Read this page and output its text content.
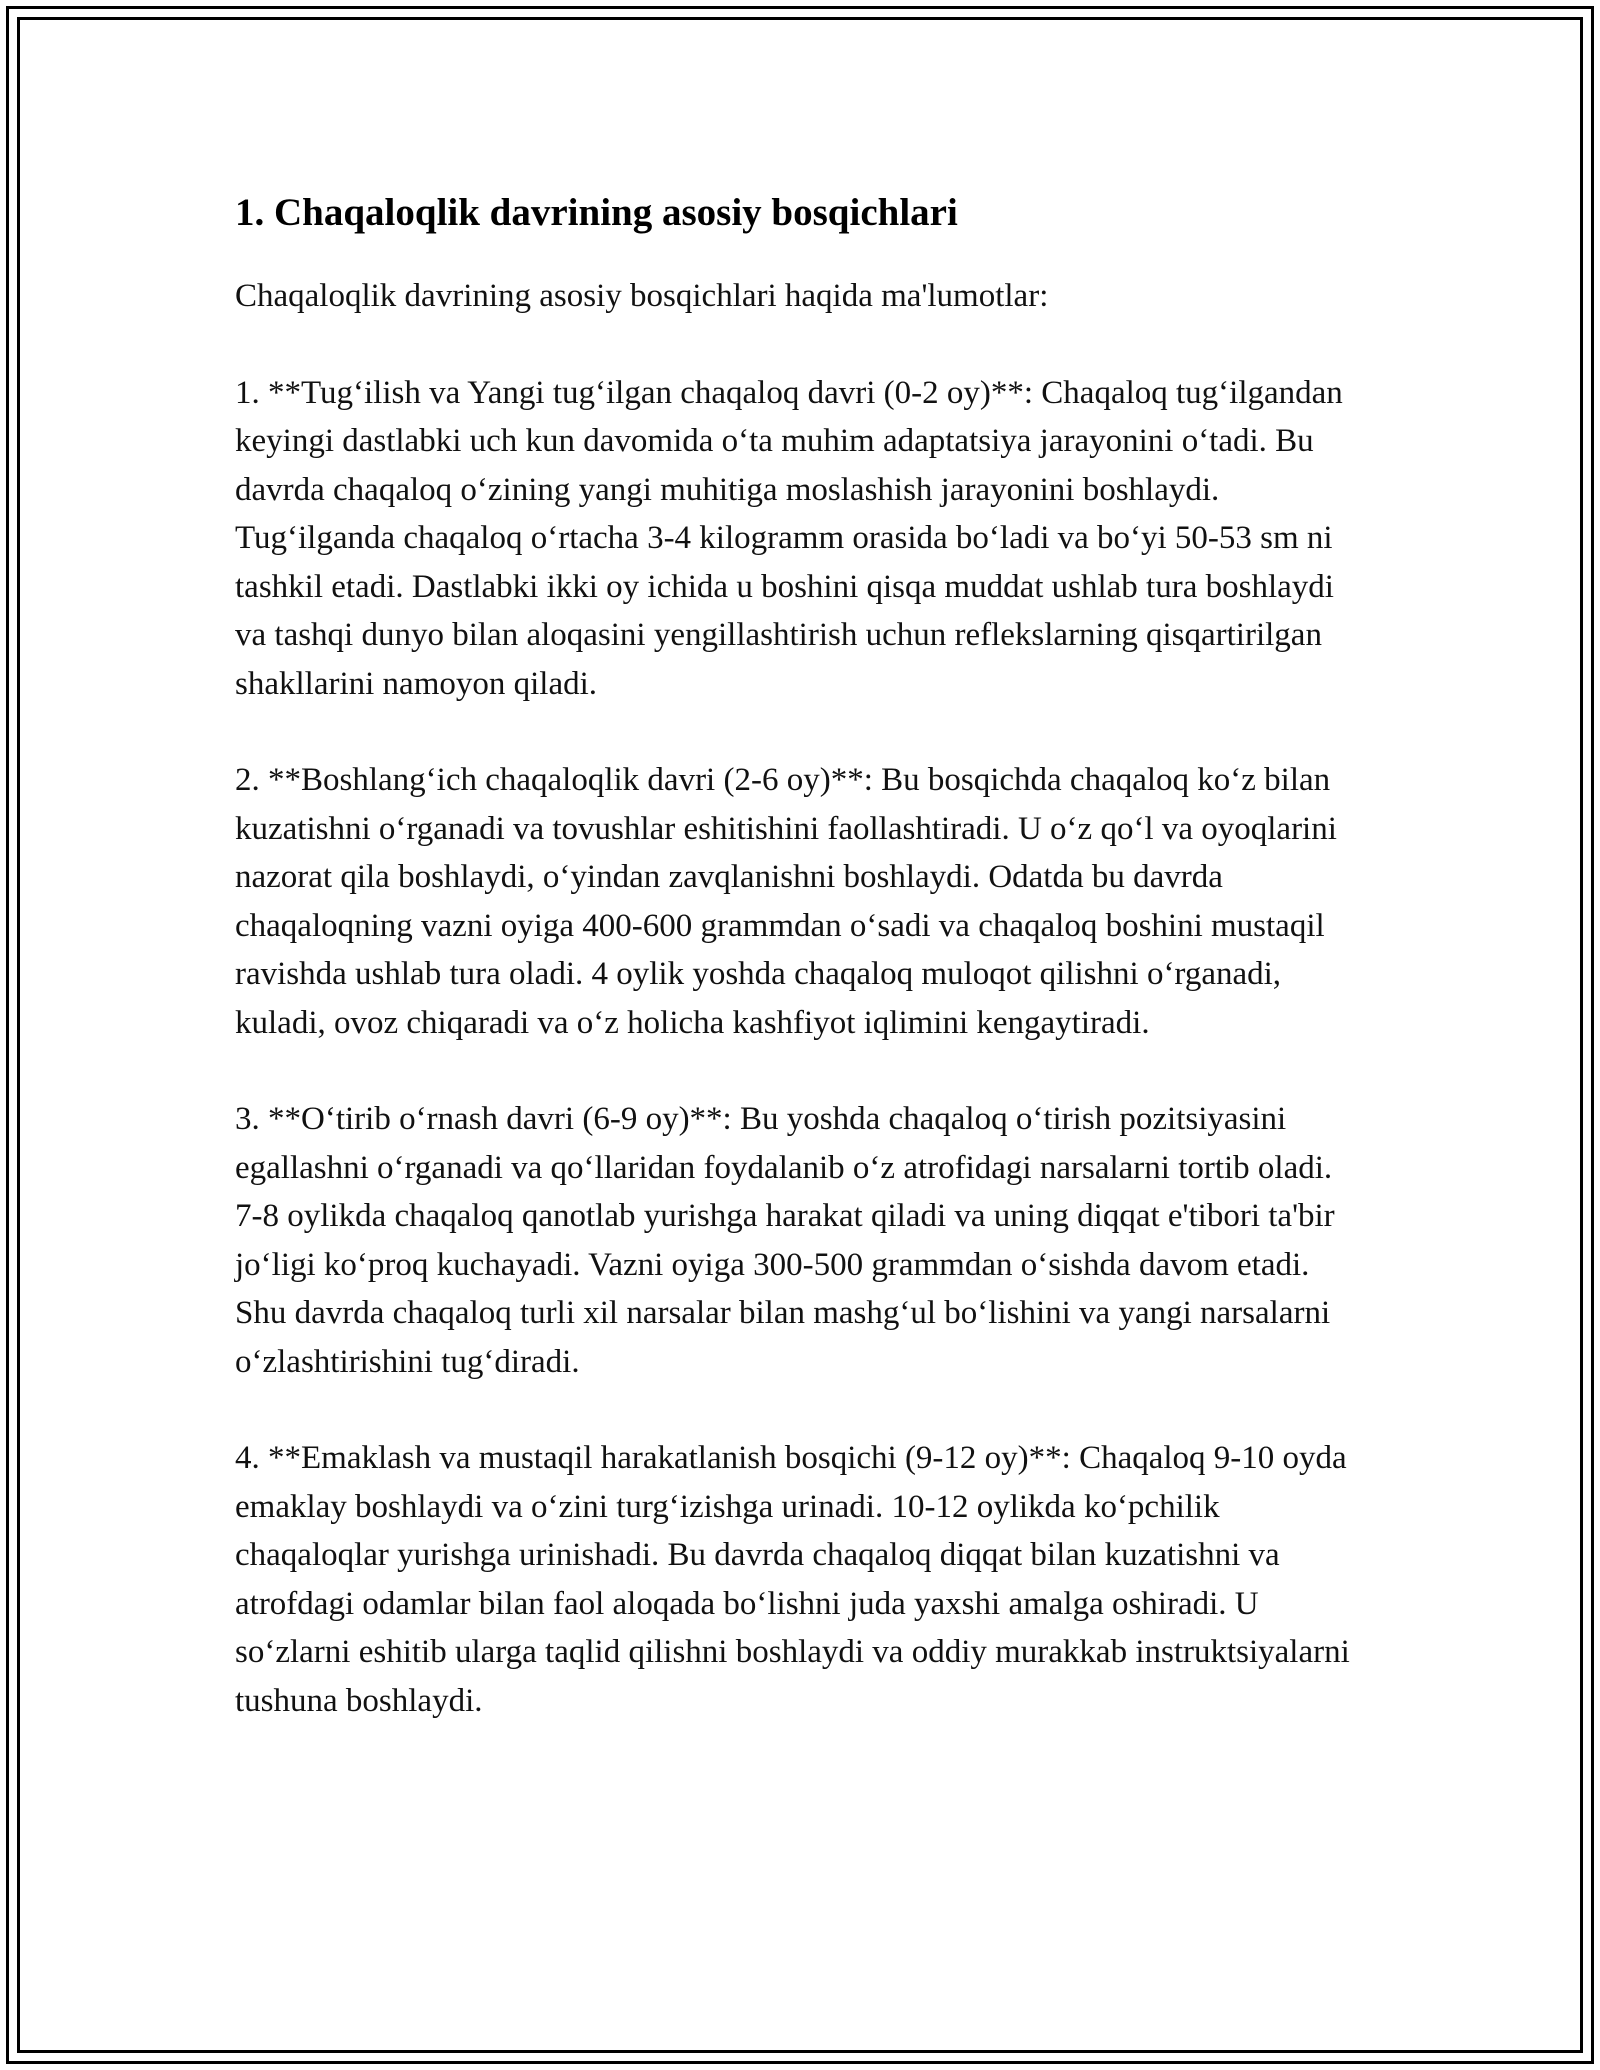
1. Chaqaloqlik davrining asosiy bosqichlari

Chaqaloqlik davrining asosiy bosqichlari haqida ma'lumotlar:

1. **Tug‘ilish va Yangi tug‘ilgan chaqaloq davri (0-2 oy)**: Chaqaloq tug‘ilgandan keyingi dastlabki uch kun davomida o‘ta muhim adaptatsiya jarayonini o‘tadi. Bu davrda chaqaloq o‘zining yangi muhitiga moslashish jarayonini boshlaydi. Tug‘ilganda chaqaloq o‘rtacha 3-4 kilogramm orasida bo‘ladi va bo‘yi 50-53 sm ni tashkil etadi. Dastlabki ikki oy ichida u boshini qisqa muddat ushlab tura boshlaydi va tashqi dunyo bilan aloqasini yengillashtirish uchun reflekslarning qisqartirilgan shakllarini namoyon qiladi.

2. **Boshlang‘ich chaqaloqlik davri (2-6 oy)**: Bu bosqichda chaqaloq ko‘z bilan kuzatishni o‘rganadi va tovushlar eshitishini faollashtiradi. U o‘z qo‘l va oyoqlarini nazorat qila boshlaydi, o‘yindan zavqlanishni boshlaydi. Odatda bu davrda chaqaloqning vazni oyiga 400-600 grammdan o‘sadi va chaqaloq boshini mustaqil ravishda ushlab tura oladi. 4 oylik yoshda chaqaloq muloqot qilishni o‘rganadi, kuladi, ovoz chiqaradi va o‘z holicha kashfiyot iqlimini kengaytiradi.

3. **O‘tirib o‘rnash davri (6-9 oy)**: Bu yoshda chaqaloq o‘tirish pozitsiyasini egallashni o‘rganadi va qo‘llaridan foydalanib o‘z atrofidagi narsalarni tortib oladi. 7-8 oylikda chaqaloq qanotlab yurishga harakat qiladi va uning diqqat e'tibori ta'bir jo‘ligi ko‘proq kuchayadi. Vazni oyiga 300-500 grammdan o‘sishda davom etadi. Shu davrda chaqaloq turli xil narsalar bilan mashg‘ul bo‘lishini va yangi narsalarni o‘zlashtirishini tug‘diradi.

4. **Emaklash va mustaqil harakatlanish bosqichi (9-12 oy)**: Chaqaloq 9-10 oyda emaklay boshlaydi va o‘zini turg‘izishga urinadi. 10-12 oylikda ko‘pchilik chaqaloqlar yurishga urinishadi. Bu davrda chaqaloq diqqat bilan kuzatishni va atrofdagi odamlar bilan faol aloqada bo‘lishni juda yaxshi amalga oshiradi. U so‘zlarni eshitib ularga taqlid qilishni boshlaydi va oddiy murakkab instruktsiyalarni tushuna boshlaydi.
